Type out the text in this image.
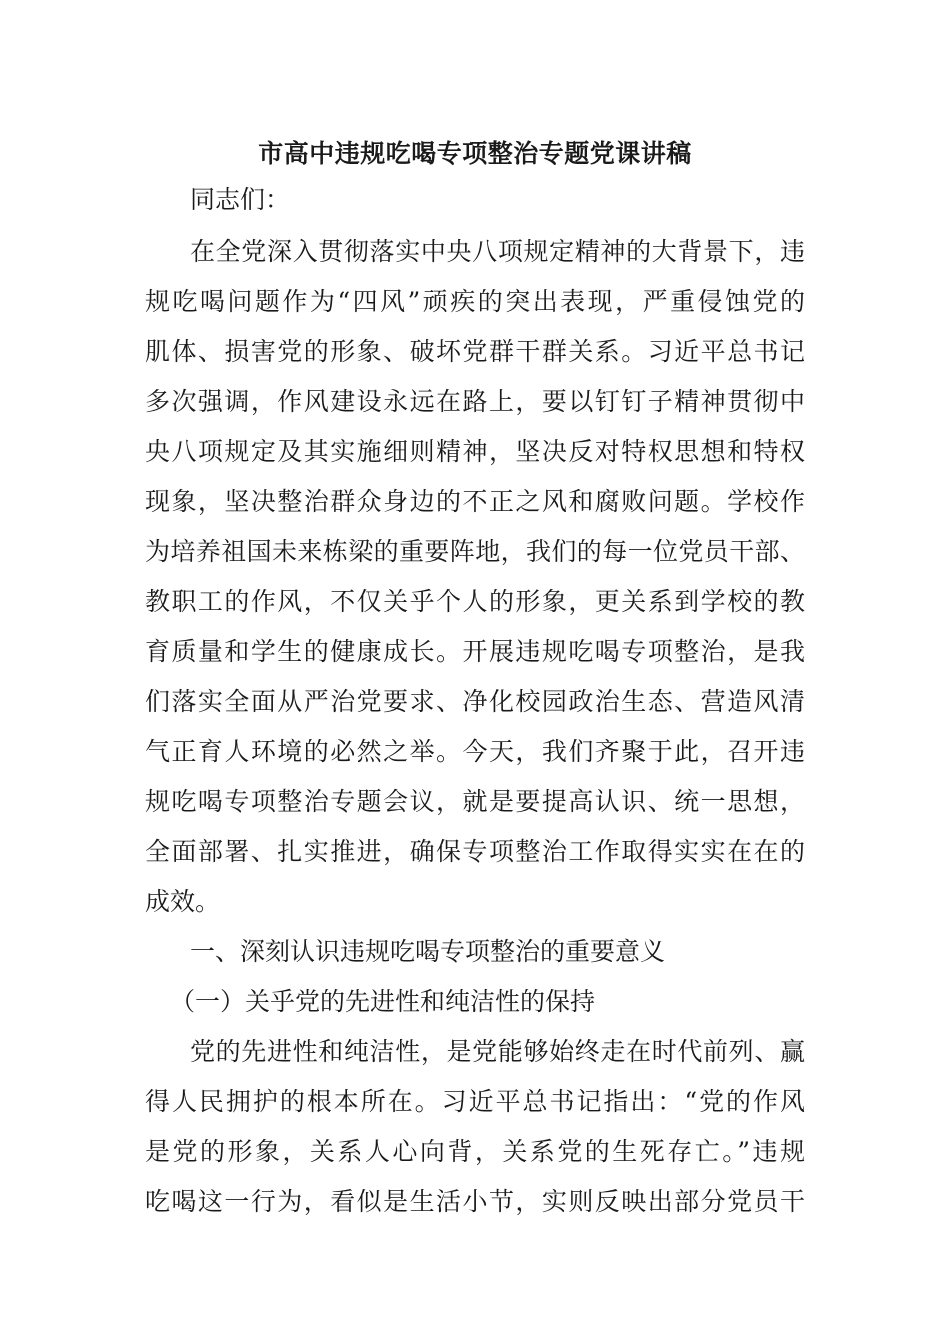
市高中违规吃喝专项整治专题党课讲稿
同志们：
在全党深入贯彻落实中央八项规定精神的大背景下，违
规吃喝问题作为“四风”顽疾的突出表现，严重侵蚀党的
肌体、损害党的形象、破坏党群干群关系。习近平总书记
多次强调，作风建设永远在路上，要以钉钉子精神贯彻中
央八项规定及其实施细则精神，坚决反对特权思想和特权
现象，坚决整治群众身边的不正之风和腐败问题。学校作
为培养祖国未来栋梁的重要阵地，我们的每一位党员干部、
教职工的作风，不仅关乎个人的形象，更关系到学校的教
育质量和学生的健康成长。开展违规吃喝专项整治，是我
们落实全面从严治党要求、净化校园政治生态、营造风清
气正育人环境的必然之举。今天，我们齐聚于此，召开违
规吃喝专项整治专题会议，就是要提高认识、统一思想，
全面部署、扎实推进，确保专项整治工作取得实实在在的
成效。
一、深刻认识违规吃喝专项整治的重要意义
（一）关乎党的先进性和纯洁性的保持
党的先进性和纯洁性，是党能够始终走在时代前列、赢
得人民拥护的根本所在。习近平总书记指出：“党的作风
是党的形象，关系人心向背，关系党的生死存亡。”违规
吃喝这一行为，看似是生活小节，实则反映出部分党员干
